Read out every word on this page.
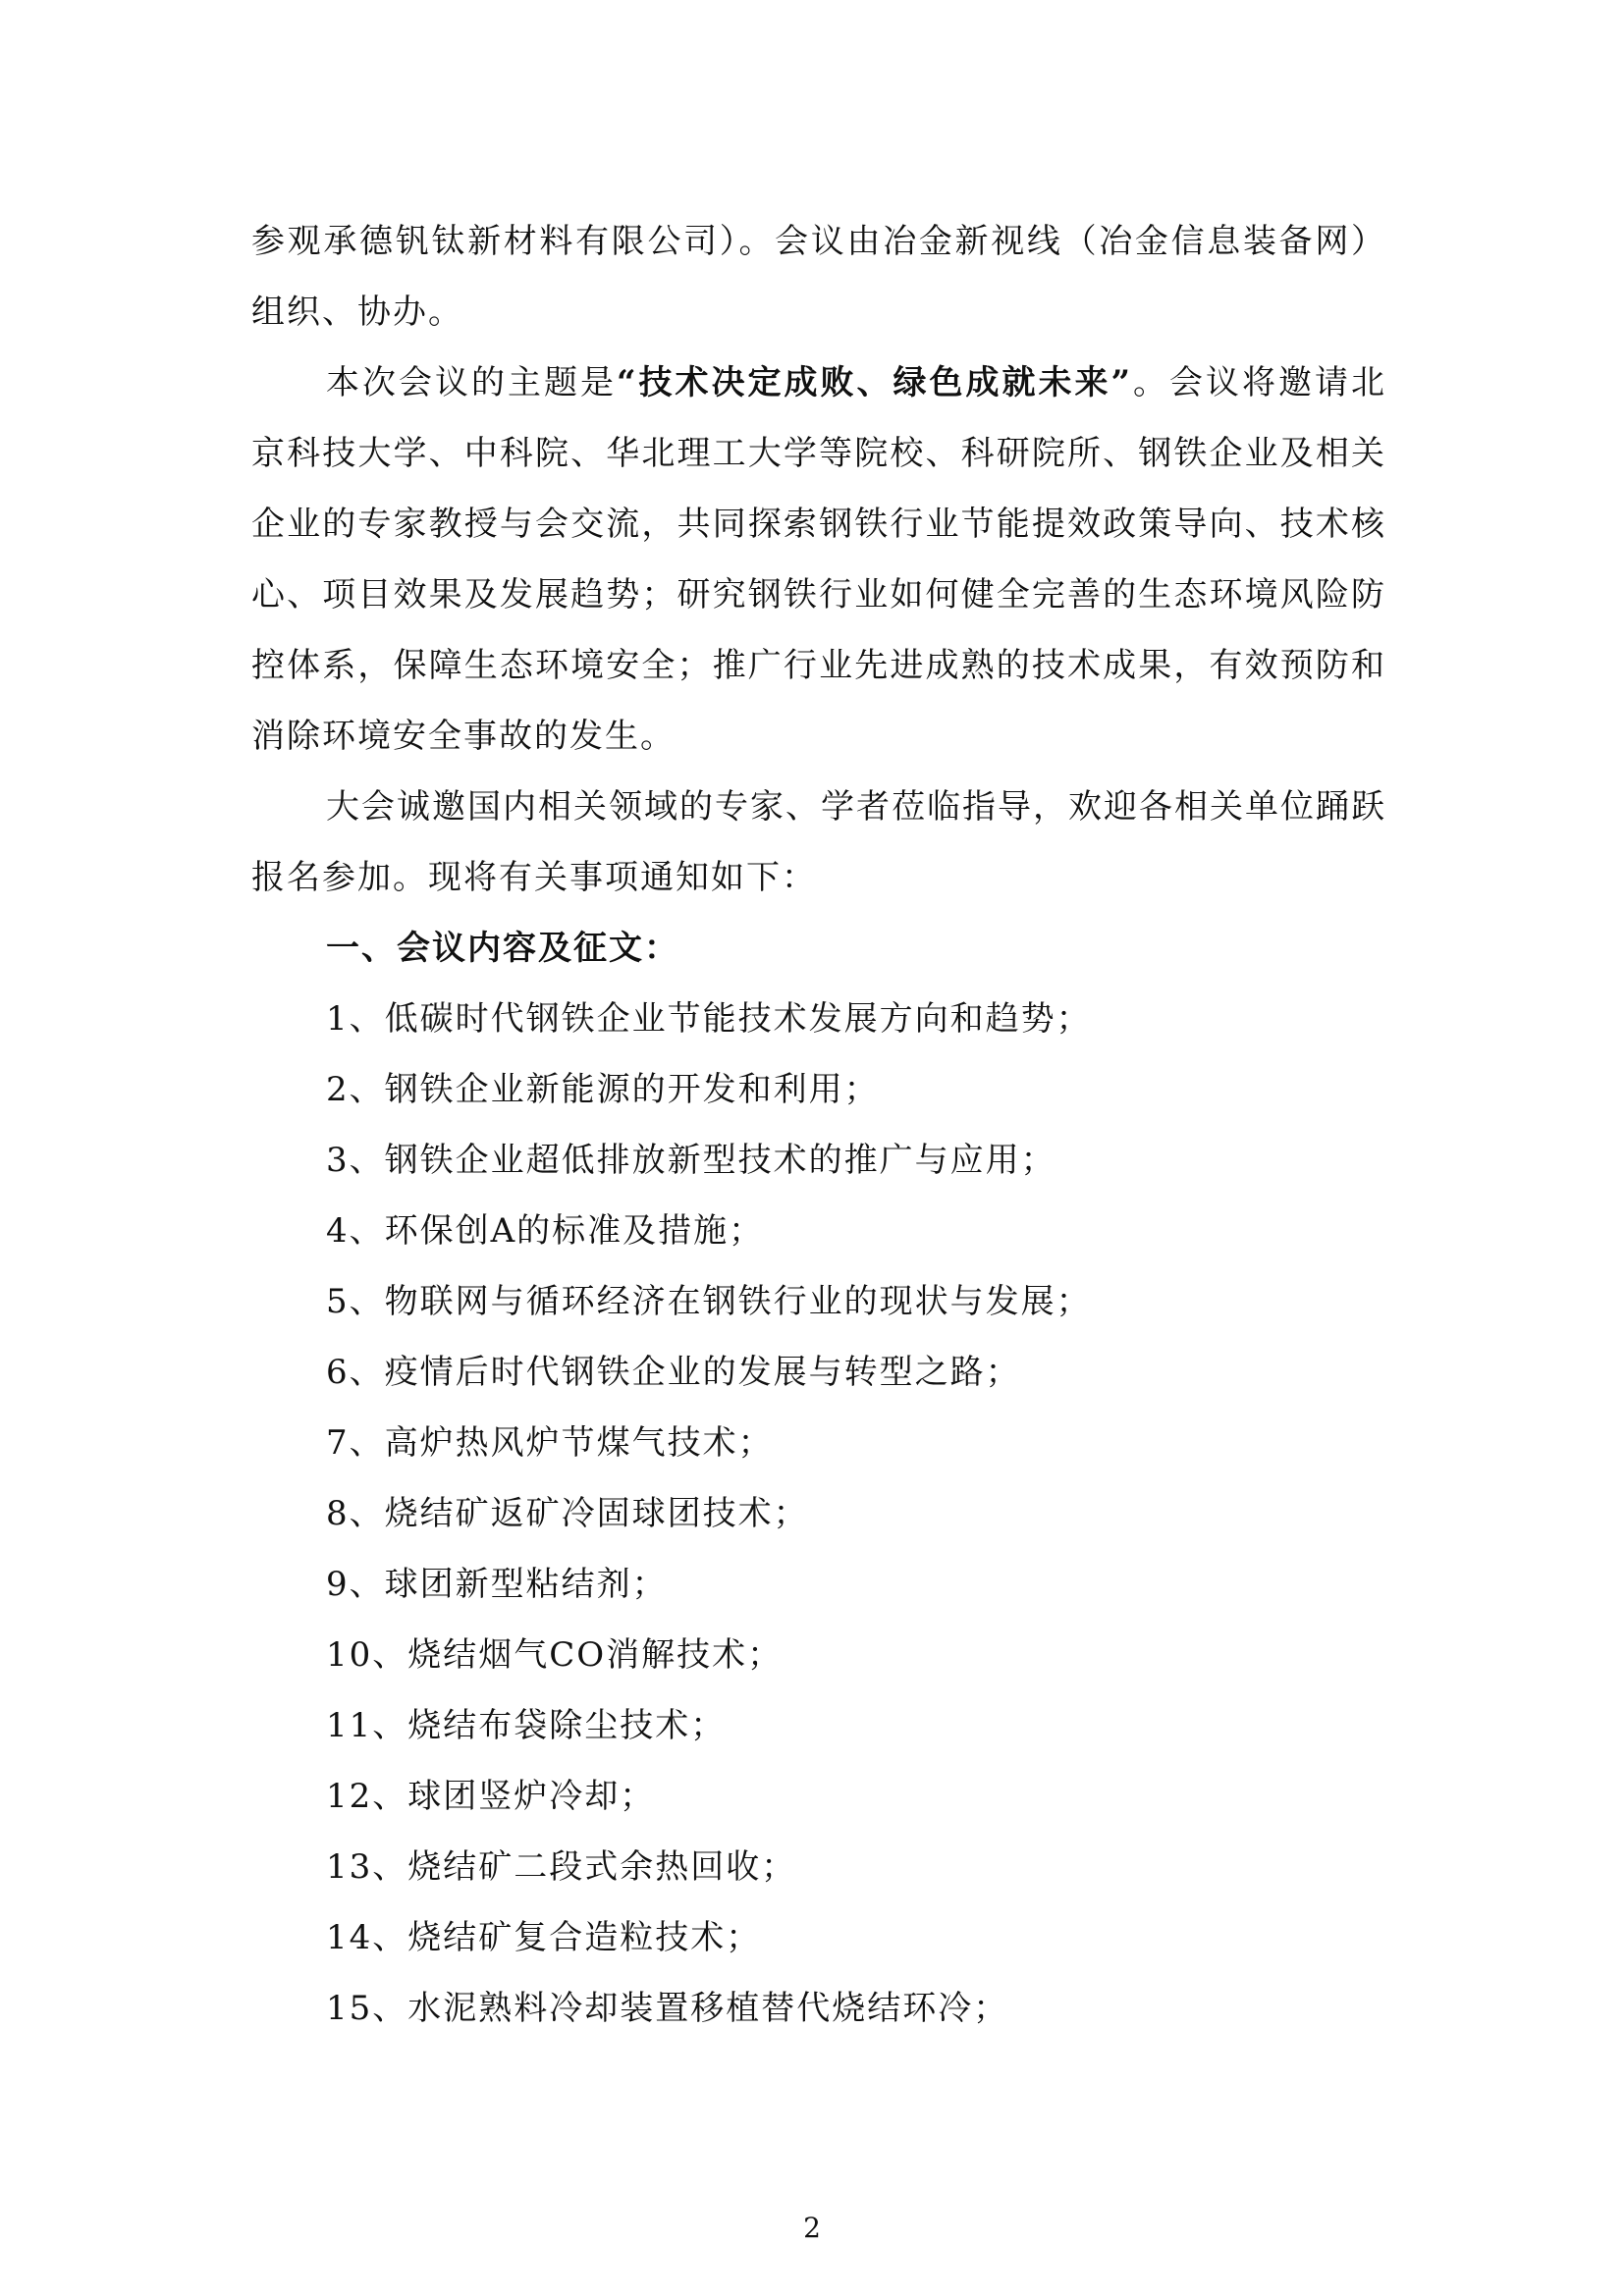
参观承德钒钛新材料有限公司）。会议由冶金新视线（冶金信息装备网）组织、协办。

本次会议的主题是“技术决定成败、绿色成就未来”。会议将邀请北京科技大学、中科院、华北理工大学等院校、科研院所、钢铁企业及相关企业的专家教授与会交流，共同探索钢铁行业节能提效政策导向、技术核心、项目效果及发展趋势；研究钢铁行业如何健全完善的生态环境风险防控体系，保障生态环境安全；推广行业先进成熟的技术成果，有效预防和消除环境安全事故的发生。

大会诚邀国内相关领域的专家、学者莅临指导，欢迎各相关单位踊跃报名参加。现将有关事项通知如下：

一、会议内容及征文：

1、低碳时代钢铁企业节能技术发展方向和趋势；

2、钢铁企业新能源的开发和利用；

3、钢铁企业超低排放新型技术的推广与应用；

4、环保创A的标准及措施；

5、物联网与循环经济在钢铁行业的现状与发展；

6、疫情后时代钢铁企业的发展与转型之路；

7、高炉热风炉节煤气技术；

8、烧结矿返矿冷固球团技术；

9、球团新型粘结剂；

10、烧结烟气CO消解技术；

11、烧结布袋除尘技术；

12、球团竖炉冷却；

13、烧结矿二段式余热回收；

14、烧结矿复合造粒技术；

15、水泥熟料冷却装置移植替代烧结环冷；

2
